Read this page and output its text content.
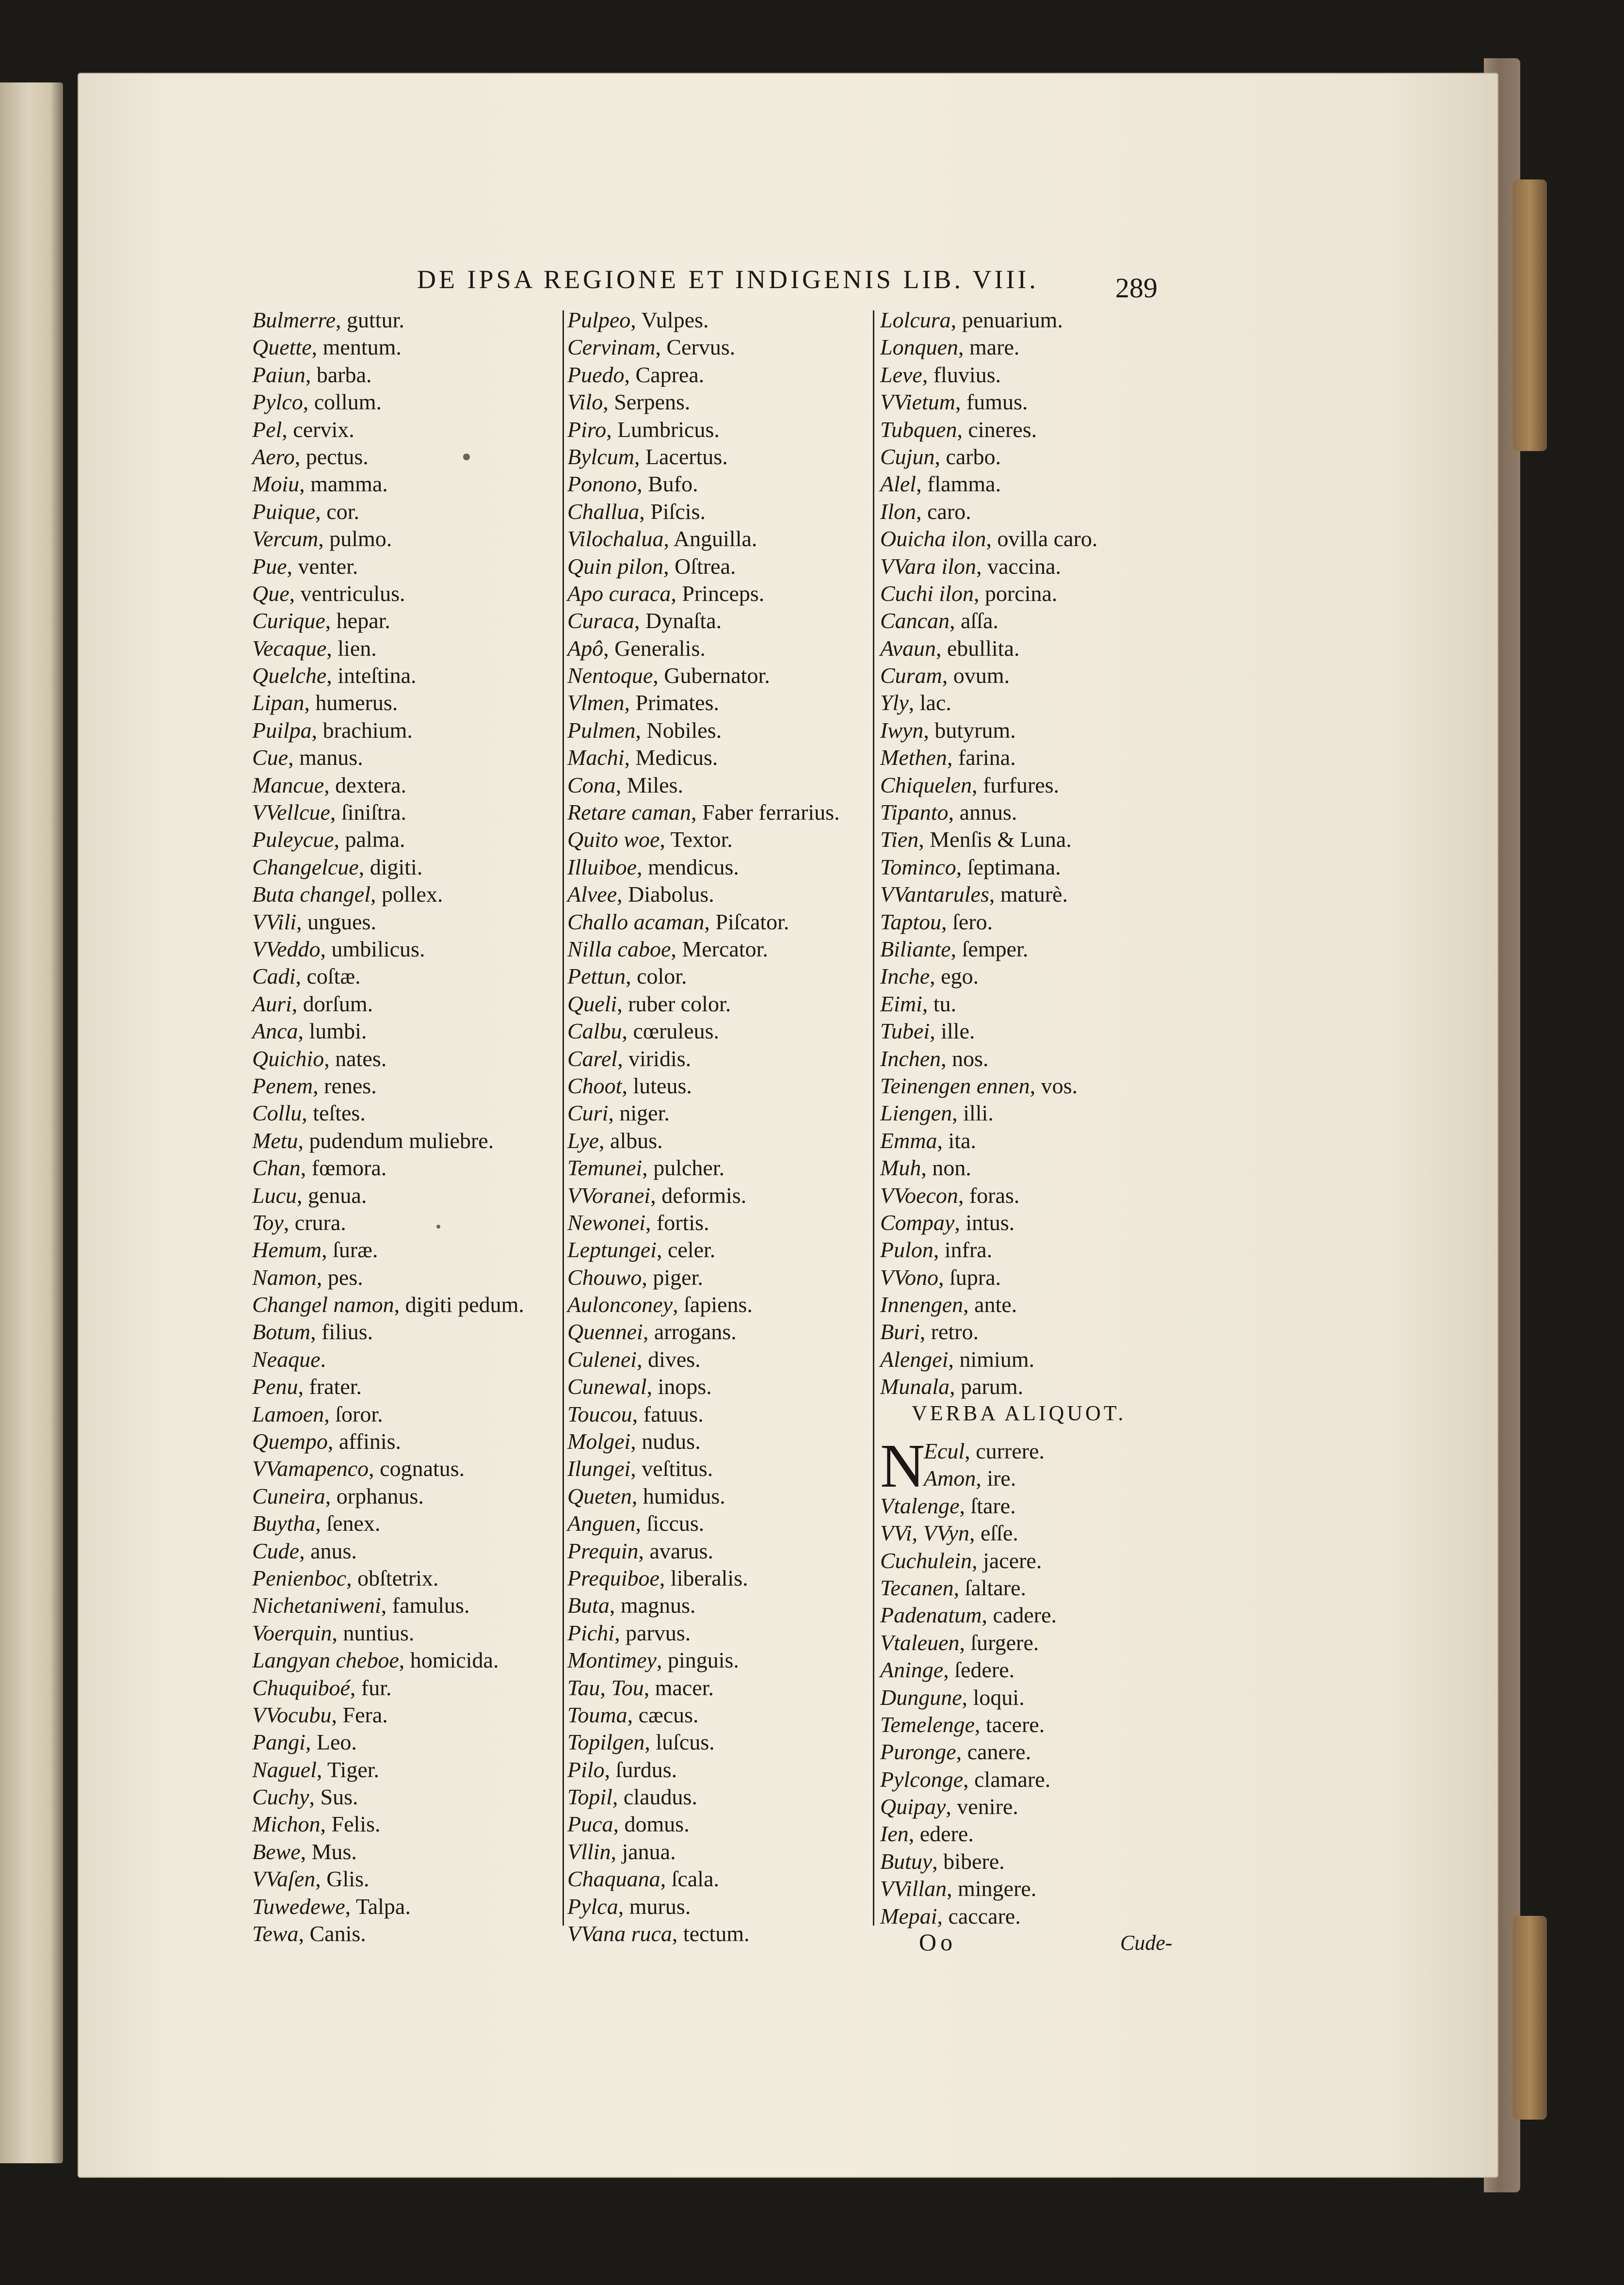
DE IPSA REGIONE ET INDIGENIS LIB. VIII.	289
Bulmerre, guttur.
Quette, mentum.
Paiun, barba.
Pylco, collum.
Pel, cervix.
Aero, pectus.
Moiu, mamma.
Puique, cor.
Vercum, pulmo.
Pue, venter.
Que, ventriculus.
Curique, hepar.
Vecaque, lien.
Quelche, inteſtina.
Lipan, humerus.
Puilpa, brachium.
Cue, manus.
Mancue, dextera.
VVellcue, ſiniſtra.
Puleycue, palma.
Changelcue, digiti.
Buta changel, pollex.
VVili, ungues.
VVeddo, umbilicus.
Cadi, coſtæ.
Auri, dorſum.
Anca, lumbi.
Quichio, nates.
Penem, renes.
Collu, teſtes.
Metu, pudendum muliebre.
Chan, fœmora.
Lucu, genua.
Toy, crura.
Hemum, ſuræ.
Namon, pes.
Changel namon, digiti pedum.
Botum, filius.
Neaque.
Penu, frater.
Lamoen, ſoror.
Quempo, affinis.
VVamapenco, cognatus.
Cuneira, orphanus.
Buytha, ſenex.
Cude, anus.
Penienboc, obſtetrix.
Nichetaniweni, famulus.
Voerquin, nuntius.
Langyan cheboe, homicida.
Chuquiboé, fur.
VVocubu, Fera.
Pangi, Leo.
Naguel, Tiger.
Cuchy, Sus.
Michon, Felis.
Bewe, Mus.
VVaſen, Glis.
Tuwedewe, Talpa.
Tewa, Canis.
Pulpeo, Vulpes.
Cervinam, Cervus.
Puedo, Caprea.
Vilo, Serpens.
Piro, Lumbricus.
Bylcum, Lacertus.
Ponono, Bufo.
Challua, Piſcis.
Vilochalua, Anguilla.
Quin pilon, Oſtrea.
Apo curaca, Princeps.
Curaca, Dynaſta.
Apô, Generalis.
Nentoque, Gubernator.
Vlmen, Primates.
Pulmen, Nobiles.
Machi, Medicus.
Cona, Miles.
Retare caman, Faber ferrarius.
Quito woe, Textor.
Illuiboe, mendicus.
Alvee, Diabolus.
Challo acaman, Piſcator.
Nilla caboe, Mercator.
Pettun, color.
Queli, ruber color.
Calbu, cœruleus.
Carel, viridis.
Choot, luteus.
Curi, niger.
Lye, albus.
Temunei, pulcher.
VVoranei, deformis.
Newonei, fortis.
Leptungei, celer.
Chouwo, piger.
Aulonconey, ſapiens.
Quennei, arrogans.
Culenei, dives.
Cunewal, inops.
Toucou, fatuus.
Molgei, nudus.
Ilungei, veſtitus.
Queten, humidus.
Anguen, ſiccus.
Prequin, avarus.
Prequiboe, liberalis.
Buta, magnus.
Pichi, parvus.
Montimey, pinguis.
Tau, Tou, macer.
Touma, cæcus.
Topilgen, luſcus.
Pilo, ſurdus.
Topil, claudus.
Puca, domus.
Vllin, janua.
Chaquana, ſcala.
Pylca, murus.
VVana ruca, tectum.
Lolcura, penuarium.
Lonquen, mare.
Leve, fluvius.
VVietum, fumus.
Tubquen, cineres.
Cujun, carbo.
Alel, flamma.
Ilon, caro.
Ouicha ilon, ovilla caro.
VVara ilon, vaccina.
Cuchi ilon, porcina.
Cancan, aſſa.
Avaun, ebullita.
Curam, ovum.
Yly, lac.
Iwyn, butyrum.
Methen, farina.
Chiquelen, furfures.
Tipanto, annus.
Tien, Menſis & Luna.
Tominco, ſeptimana.
VVantarules, maturè.
Taptou, ſero.
Biliante, ſemper.
Inche, ego.
Eimi, tu.
Tubei, ille.
Inchen, nos.
Teinengen ennen, vos.
Liengen, illi.
Emma, ita.
Muh, non.
VVoecon, foras.
Compay, intus.
Pulon, infra.
VVono, ſupra.
Innengen, ante.
Buri, retro.
Alengei, nimium.
Munala, parum.
VERBA ALIQUOT.
N
Ecul, currere.
Amon, ire.
Vtalenge, ſtare.
VVi, VVyn, eſſe.
Cuchulein, jacere.
Tecanen, ſaltare.
Padenatum, cadere.
Vtaleuen, ſurgere.
Aninge, ſedere.
Dungune, loqui.
Temelenge, tacere.
Puronge, canere.
Pylconge, clamare.
Quipay, venire.
Ien, edere.
Butuy, bibere.
VVillan, mingere.
Mepai, caccare.
Oo	Cude-
